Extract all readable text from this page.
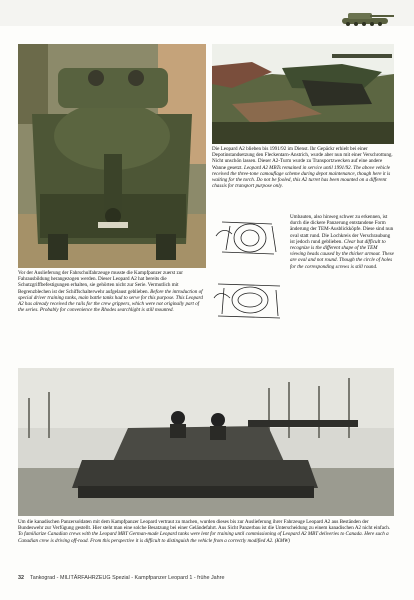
Vor der Auslieferung der Fahrschulfahrzeuge musste die Kampfpanzer zuerst zur Fahrausbildung herangezogen werden. Dieser Leopard A2 hat bereits die Schutzgriffbefestigungen erhalten, sie gehörten nicht zur Serie. Vermutlich mit Begrenzblechen ist der Schiffschalterwehr aufgelaust geblieben. Before the introduction of special driver training tanks, main battle tanks had to serve for this purpose. This Leopard A2 has already received the rails for the crew grippers, which were not originally part of the series. Probably for convenience the Rhodes searchlight is still mounted.
Die Leopard A2 blieben bis 1991/92 im Dienst. Ihr Gepäckr erhielt bei einer Depotinstandsetzung den Fleckentarn-Anstrich, wurde aber nun mit einer Verschrottung. Nicht unschön lassen. Dieser A2-Turm wurde zu Transportzwecken auf eine andere Wanne gesetzt. Leopard A2 MBTs remained in service until 1991/92. The above vehicle received the three-tone camouflage scheme during depot maintenance, though here it is waiting for the torch. Do not be fooled, this A2 turret has been mounted on a different chassis for transport purpose only.
Umbauten, also hinweg schwer zu erkennen, ist durch die dickere Panzerung entstandene Form änderung der TEM-Ausblickköpfe. Diese sind nun oval statt rund. Die Lochkreis der Verschraubung ist jedoch rund geblieben. Clear but difficult to recognize is the different shape of the TEM viewing heads caused by the thicker armour. These are oval and not round. Though the circle of holes for the corresponding screws is still round.
Um die kanadischen Panzersoldaten mit dem Kampfpanzer Leopard vertraut zu machen, wurden dieses bis zur Auslieferung ihrer Fahrzeuge Leopard A2 aus Beständen der Bundeswehr zur Verfügung gestellt. Hier steht man eine solche Besatzung bei einer Geländefahrt. Aus Sicht Panzerbau ist die Unterscheidung zu einem kanadischen A2 nicht einfach. To familiarize Canadian crews with the Leopard MBT German-made Leopard tanks were lent for training until commissioning of Leopard A2 MBT deliveries to Canada. Here such a Canadian crew is driving off-road. From this perspective it is difficult to distinguish the vehicle from a correctly modified A2. (KMW)
32 Tankograd - MILITÄRFAHRZEUG Spezial - Kampfpanzer Leopard 1 - frühe Jahre
